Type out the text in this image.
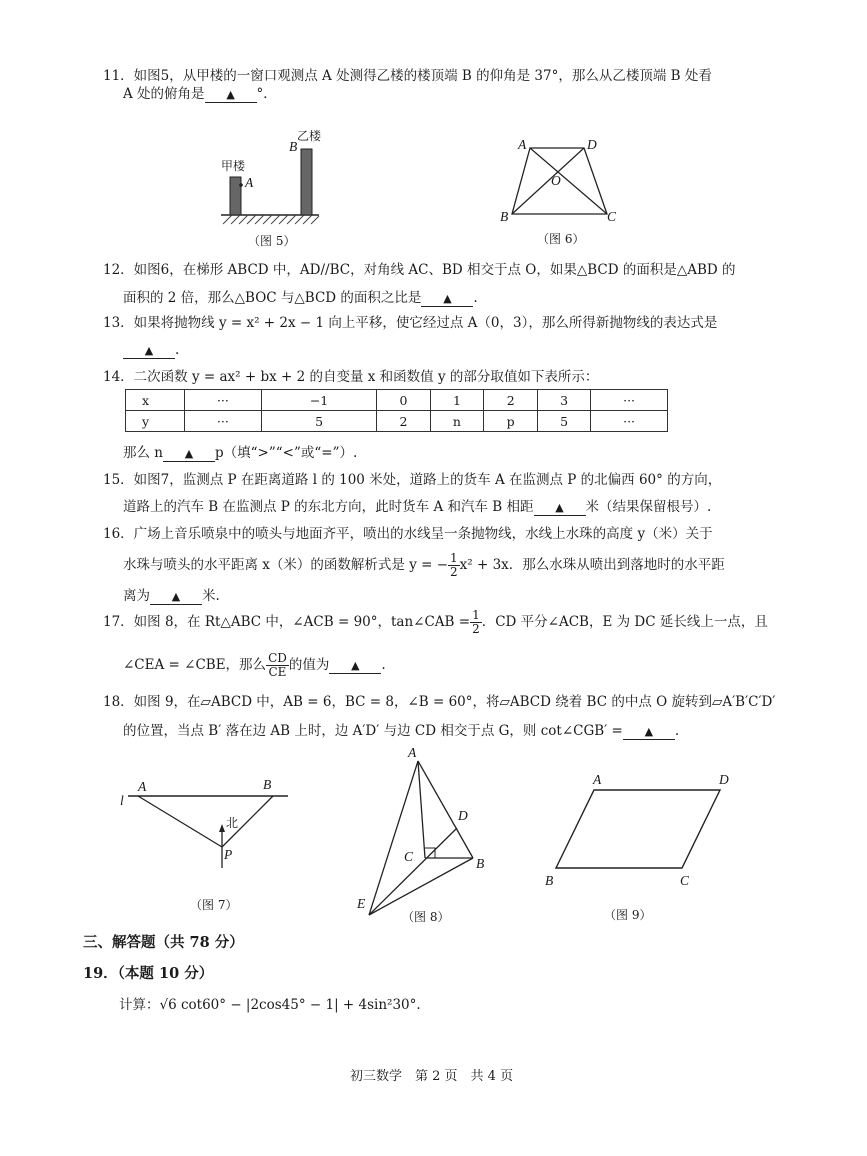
11．如图5，从甲楼的一窗口观测点 A 处测得乙楼的楼顶端 B 的仰角是 37°，那么从乙楼顶端 B 处看
A 处的俯角是 ▲ °．
甲楼
乙楼
A
B
（图 5）
A	D
O
B	C
（图 6）
12．如图6，在梯形 ABCD 中，AD//BC，对角线 AC、BD 相交于点 O，如果△BCD 的面积是△ABD 的
面积的 2 倍，那么△BOC 与△BCD 的面积之比是 ▲ .
13．如果将抛物线 y = x² + 2x − 1 向上平移，使它经过点 A（0，3），那么所得新抛物线的表达式是
▲ .
14．二次函数 y = ax² + bx + 2 的自变量 x 和函数值 y 的部分取值如下表所示：
x	···	−1	0	1	2	3	···
y	···	5	2	n	p	5	···
那么 n ▲ p（填“>”“<”或“=”）.
15．如图7，监测点 P 在距离道路 l 的 100 米处，道路上的货车 A 在监测点 P 的北偏西 60° 的方向，
道路上的汽车 B 在监测点 P 的东北方向，此时货车 A 和汽车 B 相距 ▲ 米（结果保留根号）.
16．广场上音乐喷泉中的喷头与地面齐平，喷出的水线呈一条抛物线，水线上水珠的高度 y（米）关于
水珠与喷头的水平距离 x（米）的函数解析式是 y = − $\frac{1}{2} x^2 + 3x$．那么水珠从喷出到落地时的水平距
离为 ▲ 米.
17．如图 8，在 Rt△ABC 中，∠ACB = 90°，tan∠CAB = $\frac{1}{2}$ ．CD 平分∠ACB，E 为 DC 延长线上一点，且
∠CEA = ∠CBE，那么 $\frac{CD}{CE}$ 的值为 ▲ .
18．如图 9，在▱ABCD 中，AB = 6，BC = 8，∠B = 60°，将▱ABCD 绕着 BC 的中点 O 旋转到▱A′B′C′D′
的位置，当点 B′ 落在边 AB 上时，边 A′D′ 与边 CD 相交于点 G，则 cot∠CGB′ = ▲ .
l
A	B
北
P
（图 7）
A
D
C	B
E
（图 8）
A	D
B	C
（图 9）
三、解答题（共 78 分）
19．（本题 10 分）
计算：√6 cot60° − |2cos45° − 1| + 4sin²30°.
初三数学　第 2 页　共 4 页
